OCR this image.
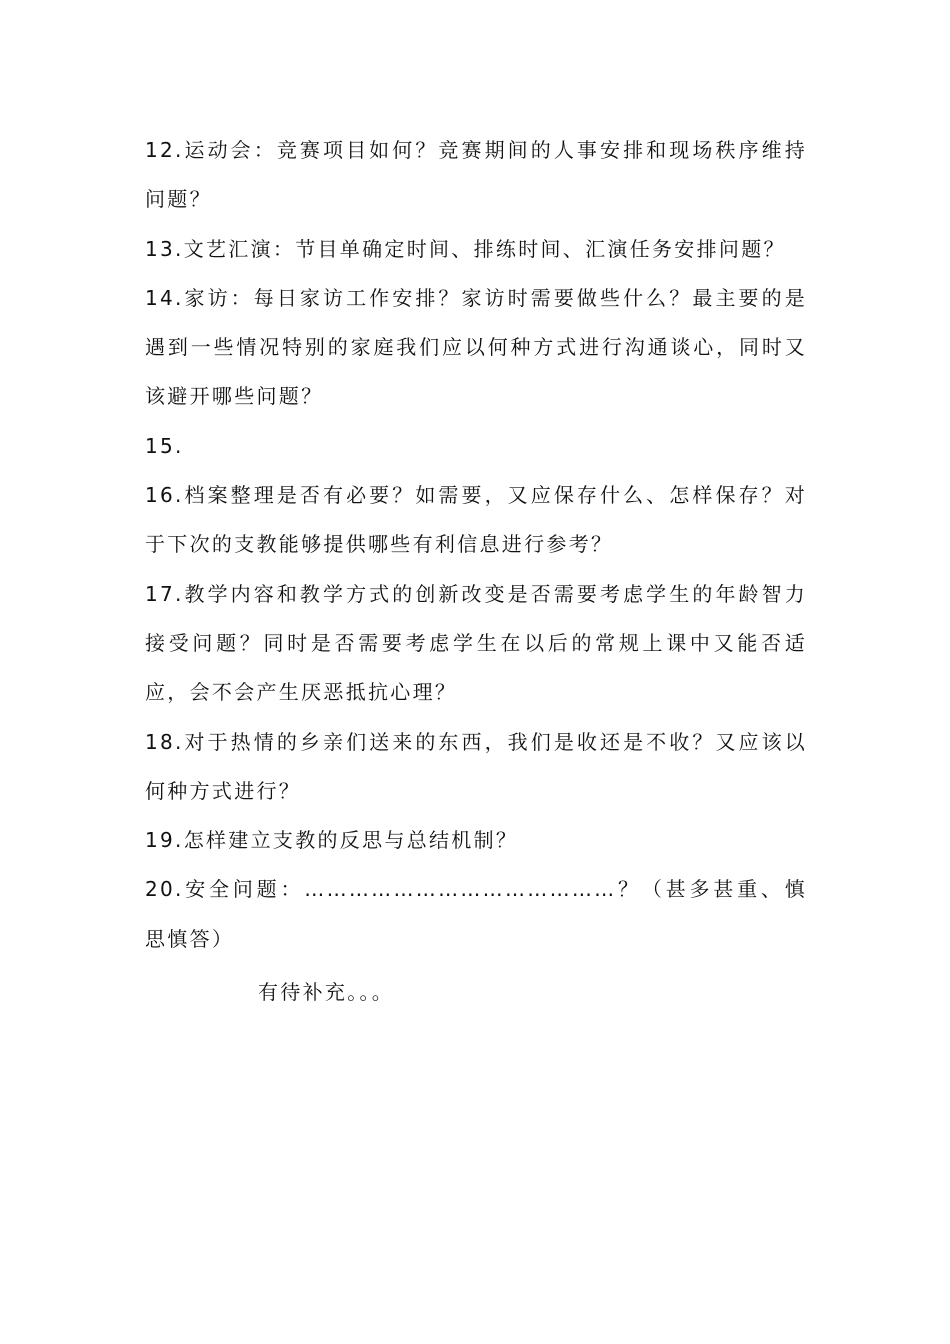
12.运动会：竞赛项目如何？竞赛期间的人事安排和现场秩序维持问题？

13.文艺汇演：节目单确定时间、排练时间、汇演任务安排问题？

14.家访：每日家访工作安排？家访时需要做些什么？最主要的是遇到一些情况特别的家庭我们应以何种方式进行沟通谈心，同时又该避开哪些问题？

15.

16.档案整理是否有必要？如需要，又应保存什么、怎样保存？对于下次的支教能够提供哪些有利信息进行参考？

17.教学内容和教学方式的创新改变是否需要考虑学生的年龄智力接受问题？同时是否需要考虑学生在以后的常规上课中又能否适应，会不会产生厌恶抵抗心理？

18.对于热情的乡亲们送来的东西，我们是收还是不收？又应该以何种方式进行？

19.怎样建立支教的反思与总结机制？

20.安全问题：……………………………………？（甚多甚重、慎思慎答）

有待补充。。。
